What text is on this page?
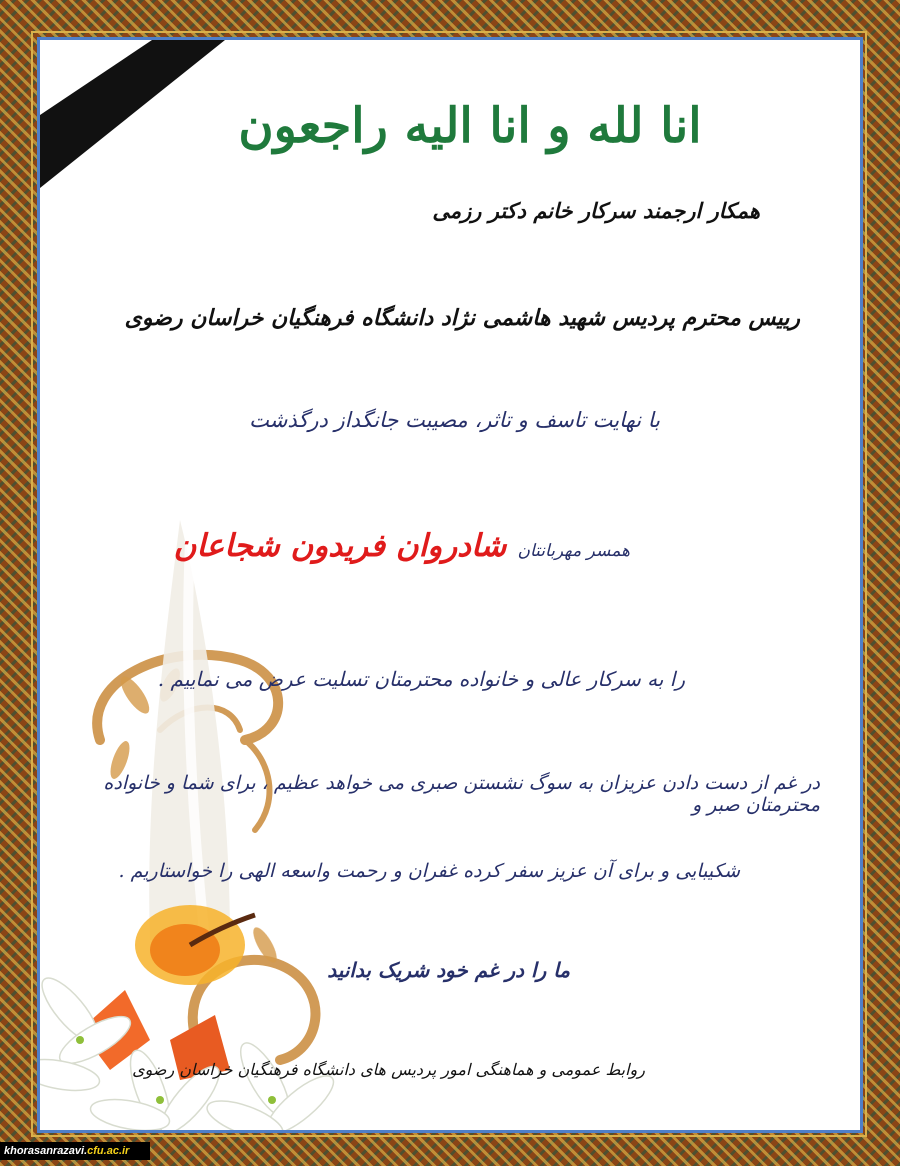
انا لله و انا الیه راجعون
همکار ارجمند سرکار خانم دکتر رزمی
رییس محترم پردیس شهید هاشمی نژاد دانشگاه فرهنگیان خراسان رضوی
با نهایت تاسف و تاثر، مصیبت جانگداز درگذشت
همسر مهربانتان شادروان فریدون شجاعان
را به سرکار عالی و خانواده محترمتان تسلیت عرض می نماییم .
در غم از دست دادن عزیزان به سوگ نشستن صبری می خواهد عظیم ، برای شما و خانواده محترمتان صبر و
شکیبایی و برای آن عزیز سفر کرده غفران و رحمت واسعه الهی را خواستاریم .
ما را در غم خود شریک بدانید
روابط عمومی و هماهنگی امور پردیس های دانشگاه فرهنگیان خراسان رضوی
khorasanrazavi.cfu.ac.ir
